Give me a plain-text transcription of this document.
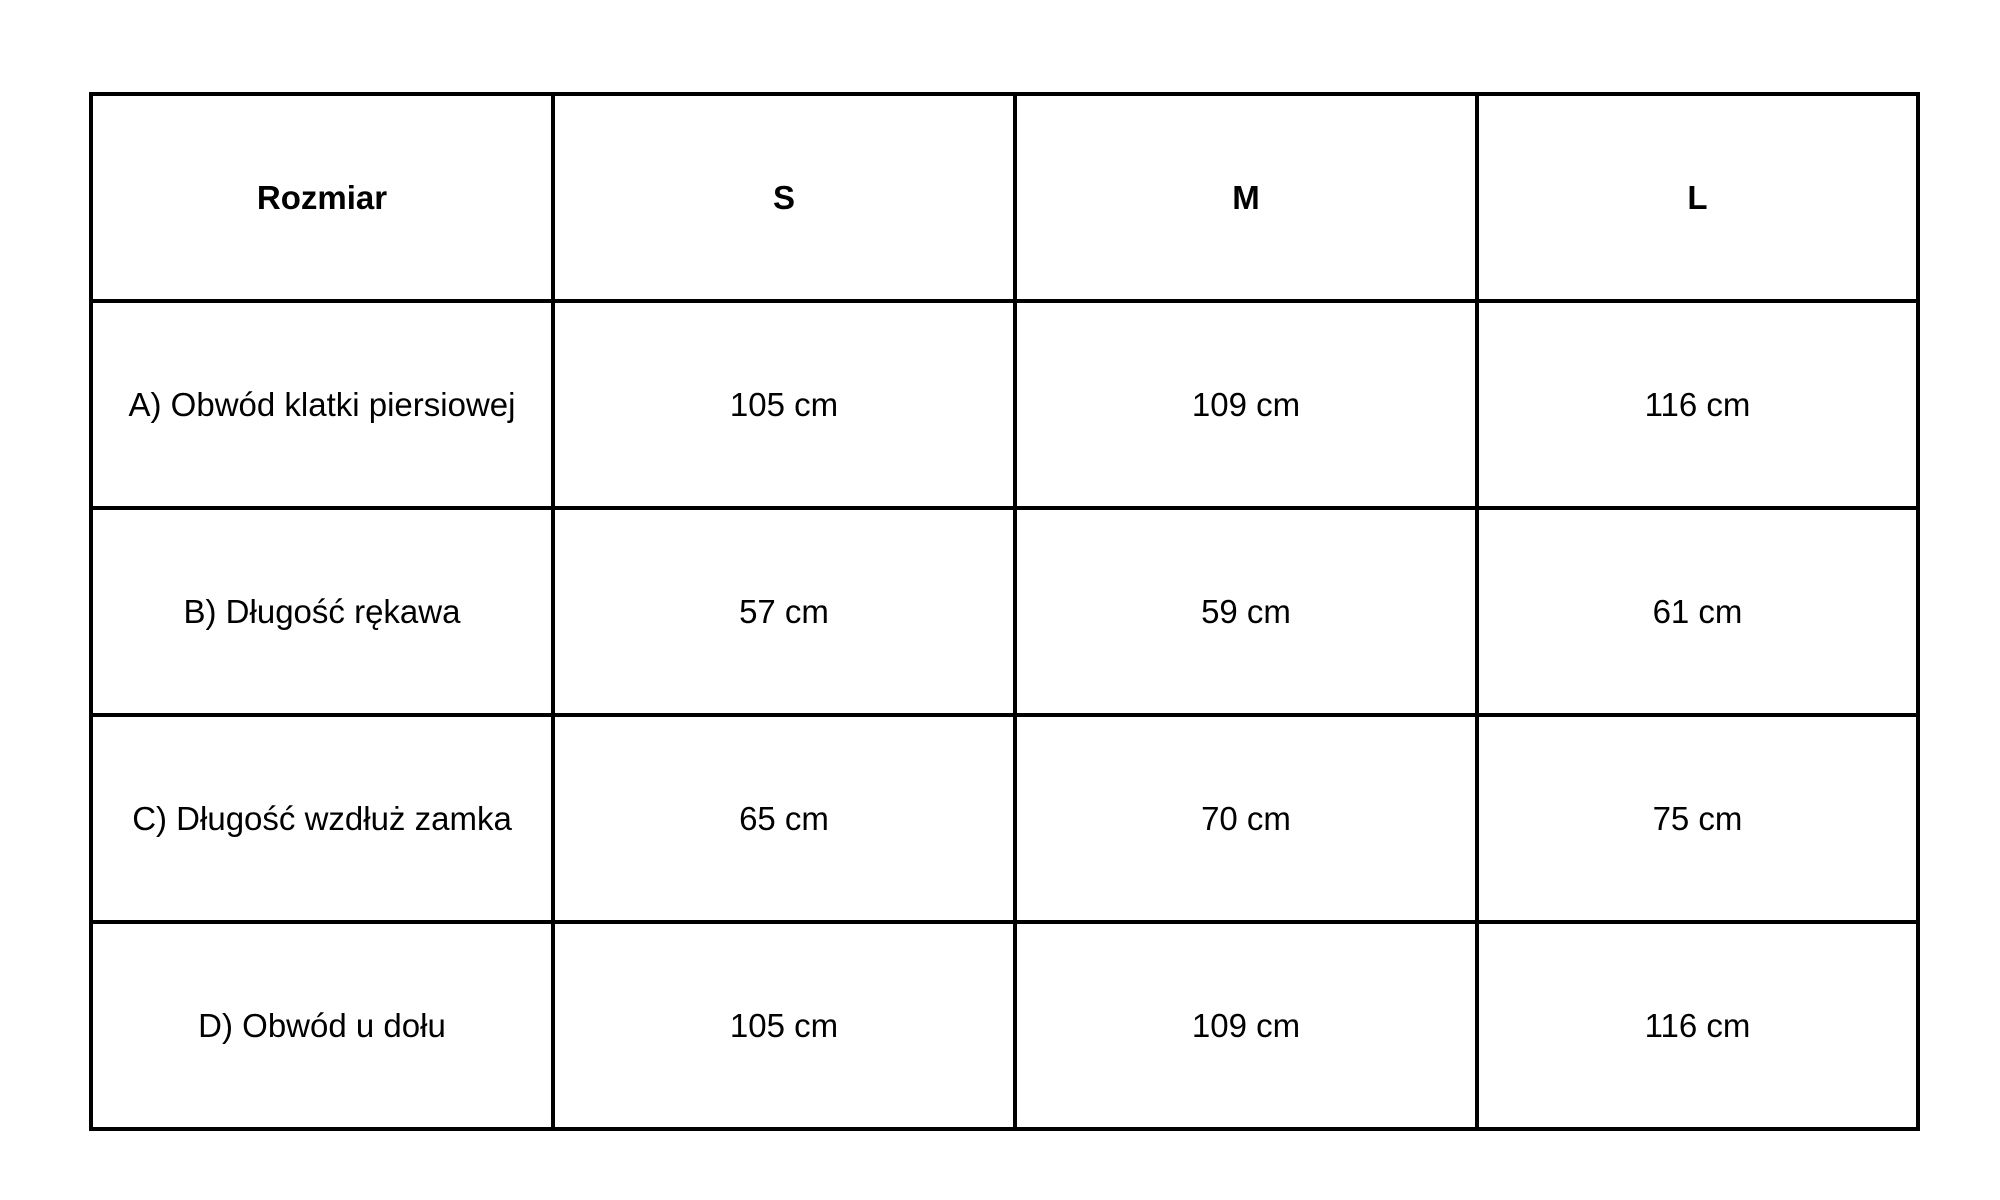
Rozmiar	S	M	L
A) Obwód klatki piersiowej	105 cm	109 cm	116 cm
B) Długość rękawa	57 cm	59 cm	61 cm
C) Długość wzdłuż zamka	65 cm	70 cm	75 cm
D) Obwód u dołu	105 cm	109 cm	116 cm
